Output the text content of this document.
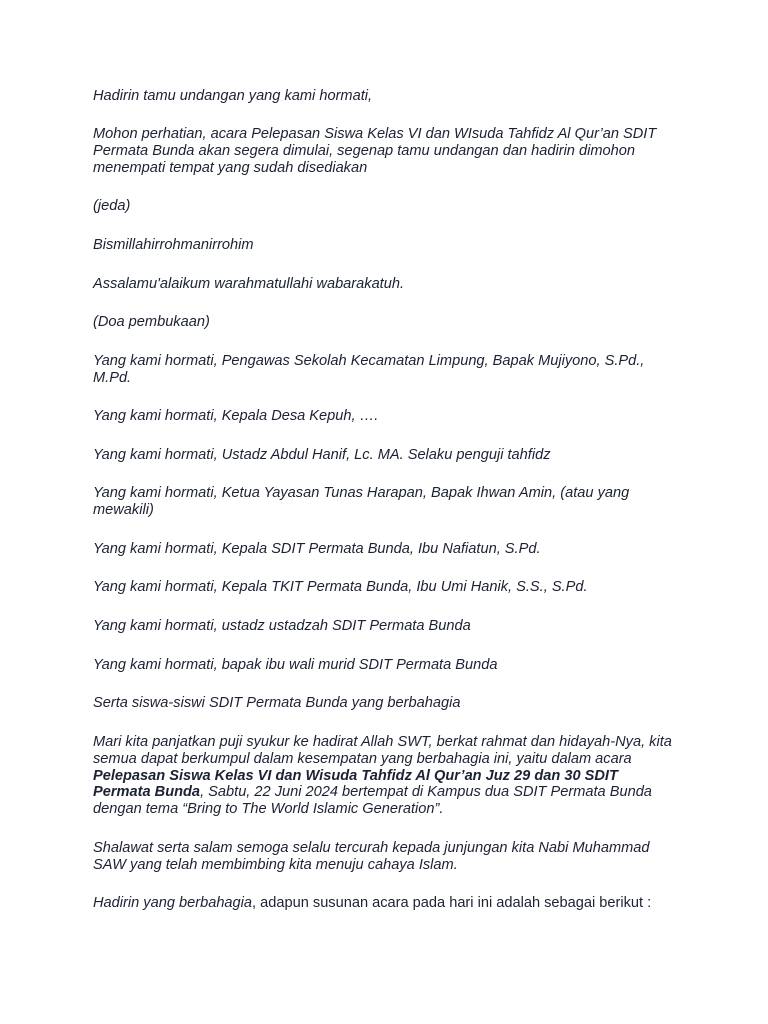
Hadirin tamu undangan yang kami hormati,

Mohon perhatian, acara Pelepasan Siswa Kelas VI dan WIsuda Tahfidz Al Qur’an SDIT Permata Bunda akan segera dimulai, segenap tamu undangan dan hadirin dimohon menempati tempat yang sudah disediakan

(jeda)

Bismillahirrohmanirrohim

Assalamu'alaikum warahmatullahi wabarakatuh.

(Doa pembukaan)

Yang kami hormati, Pengawas Sekolah Kecamatan Limpung, Bapak Mujiyono, S.Pd., M.Pd.

Yang kami hormati, Kepala Desa Kepuh, ….

Yang kami hormati, Ustadz Abdul Hanif, Lc. MA. Selaku penguji tahfidz

Yang kami hormati, Ketua Yayasan Tunas Harapan, Bapak Ihwan Amin, (atau yang mewakili)

Yang kami hormati, Kepala SDIT Permata Bunda, Ibu Nafiatun, S.Pd.

Yang kami hormati, Kepala TKIT Permata Bunda, Ibu Umi Hanik, S.S., S.Pd.

Yang kami hormati, ustadz ustadzah SDIT Permata Bunda

Yang kami hormati, bapak ibu wali murid SDIT Permata Bunda

Serta siswa-siswi SDIT Permata Bunda yang berbahagia

Mari kita panjatkan puji syukur ke hadirat Allah SWT, berkat rahmat dan hidayah-Nya, kita semua dapat berkumpul dalam kesempatan yang berbahagia ini, yaitu dalam acara Pelepasan Siswa Kelas VI dan Wisuda Tahfidz Al Qur’an Juz 29 dan 30 SDIT Permata Bunda, Sabtu, 22 Juni 2024 bertempat di Kampus dua SDIT Permata Bunda dengan tema “Bring to The World Islamic Generation”.

Shalawat serta salam semoga selalu tercurah kepada junjungan kita Nabi Muhammad SAW yang telah membimbing kita menuju cahaya Islam.

Hadirin yang berbahagia, adapun susunan acara pada hari ini adalah sebagai berikut :
